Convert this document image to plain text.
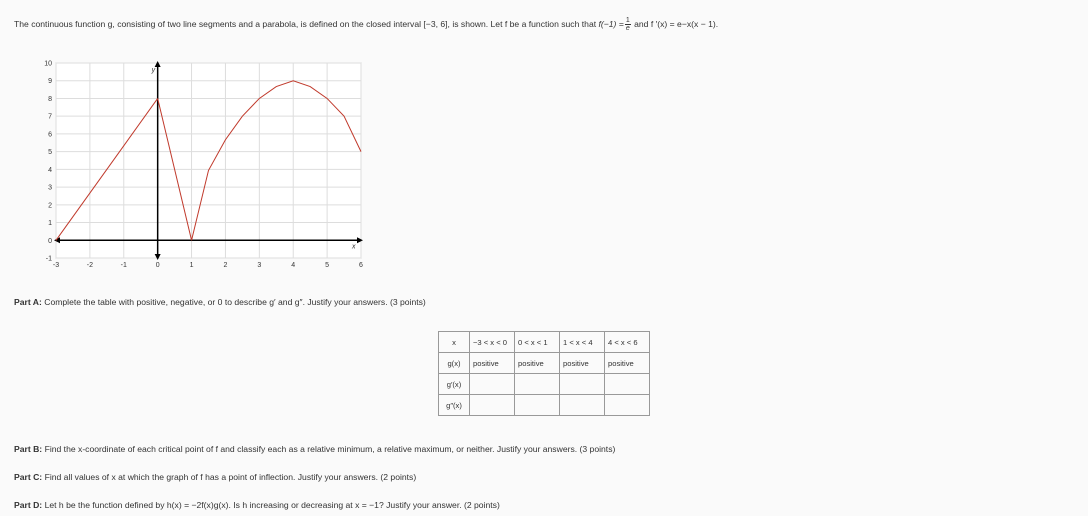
The continuous function g, consisting of two line segments and a parabola, is defined on the closed interval [−3, 6], is shown. Let f be a function such that $f(-1) = \frac{1}{e}$ and f ′(x) = e−x(x − 1).
x
y
-3	-2	-1	0	1	2	3	4	5	6
-1
0
1
2
3
4
5
6
7
8
9
10
Part A: Complete the table with positive, negative, or 0 to describe g′ and g″. Justify your answers. (3 points)
x	−3 < x < 0	0 < x < 1	1 < x < 4	4 < x < 6
g(x)	positive	positive	positive	positive
g′(x)				
g″(x)				
Part B: Find the x-coordinate of each critical point of f and classify each as a relative minimum, a relative maximum, or neither. Justify your answers. (3 points)
Part C: Find all values of x at which the graph of f has a point of inflection. Justify your answers. (2 points)
Part D: Let h be the function defined by h(x) = −2f(x)g(x). Is h increasing or decreasing at x = −1? Justify your answer. (2 points)
